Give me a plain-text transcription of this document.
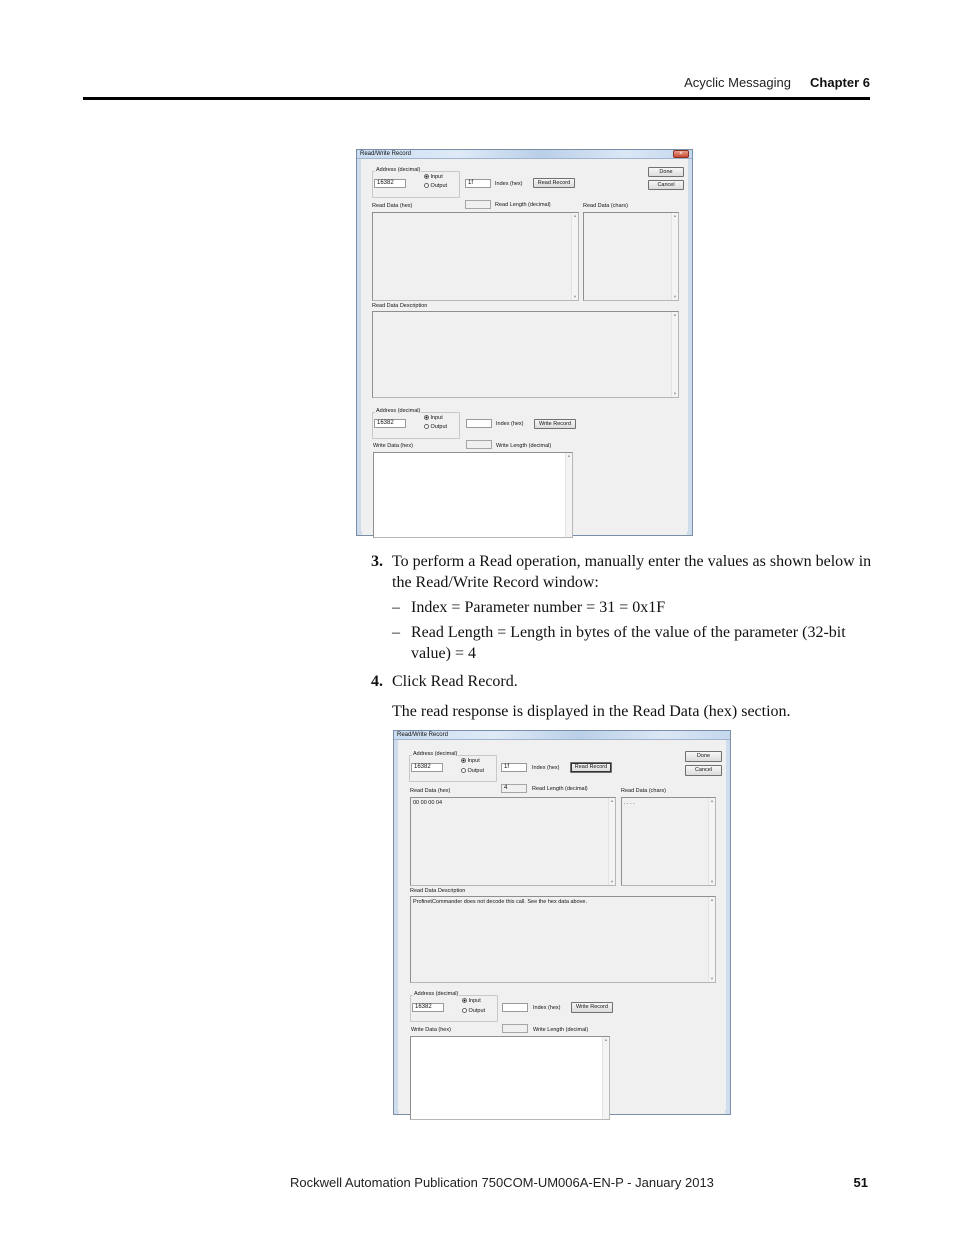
Acyclic Messaging Chapter 6
Read/Write Record	×
Address (decimal)
16382
Input
Output	1f	Index (hex)	Read Record
Done
Cancel
Read Length (decimal)
Read Data (hex)	Read Data (chars)
▲
▼
▲
▼
Read Data Description
▲
▼
Address (decimal)
16382
Input
Output	Index (hex)	Write Record
Write Length (decimal)
Write Data (hex)
▲
3. To perform a Read operation, manually enter the values as shown below in
the Read/Write Record window:
– Index = Parameter number = 31 = 0x1F
– Read Length = Length in bytes of the value of the parameter (32-bit
value) = 4
4. Click Read Record.
The read response is displayed in the Read Data (hex) section.
Read/Write Record
Address (decimal)
16382
Input
Output
1f	Index (hex)	Read Record
Done
Cancel
4	Read Length (decimal)
Read Data (hex)	Read Data (chars)
00 00 00 04	▲
▼
. . . .	▲
▼
Read Data Description
ProfinetCommander does not decode this call. See the hex data above.	▲
▼
Address (decimal)
16382
Input
Output	Index (hex)	Write Record
Write Length (decimal)
Write Data (hex)
▲
Rockwell Automation Publication 750COM-UM006A-EN-P - January 2013	51
